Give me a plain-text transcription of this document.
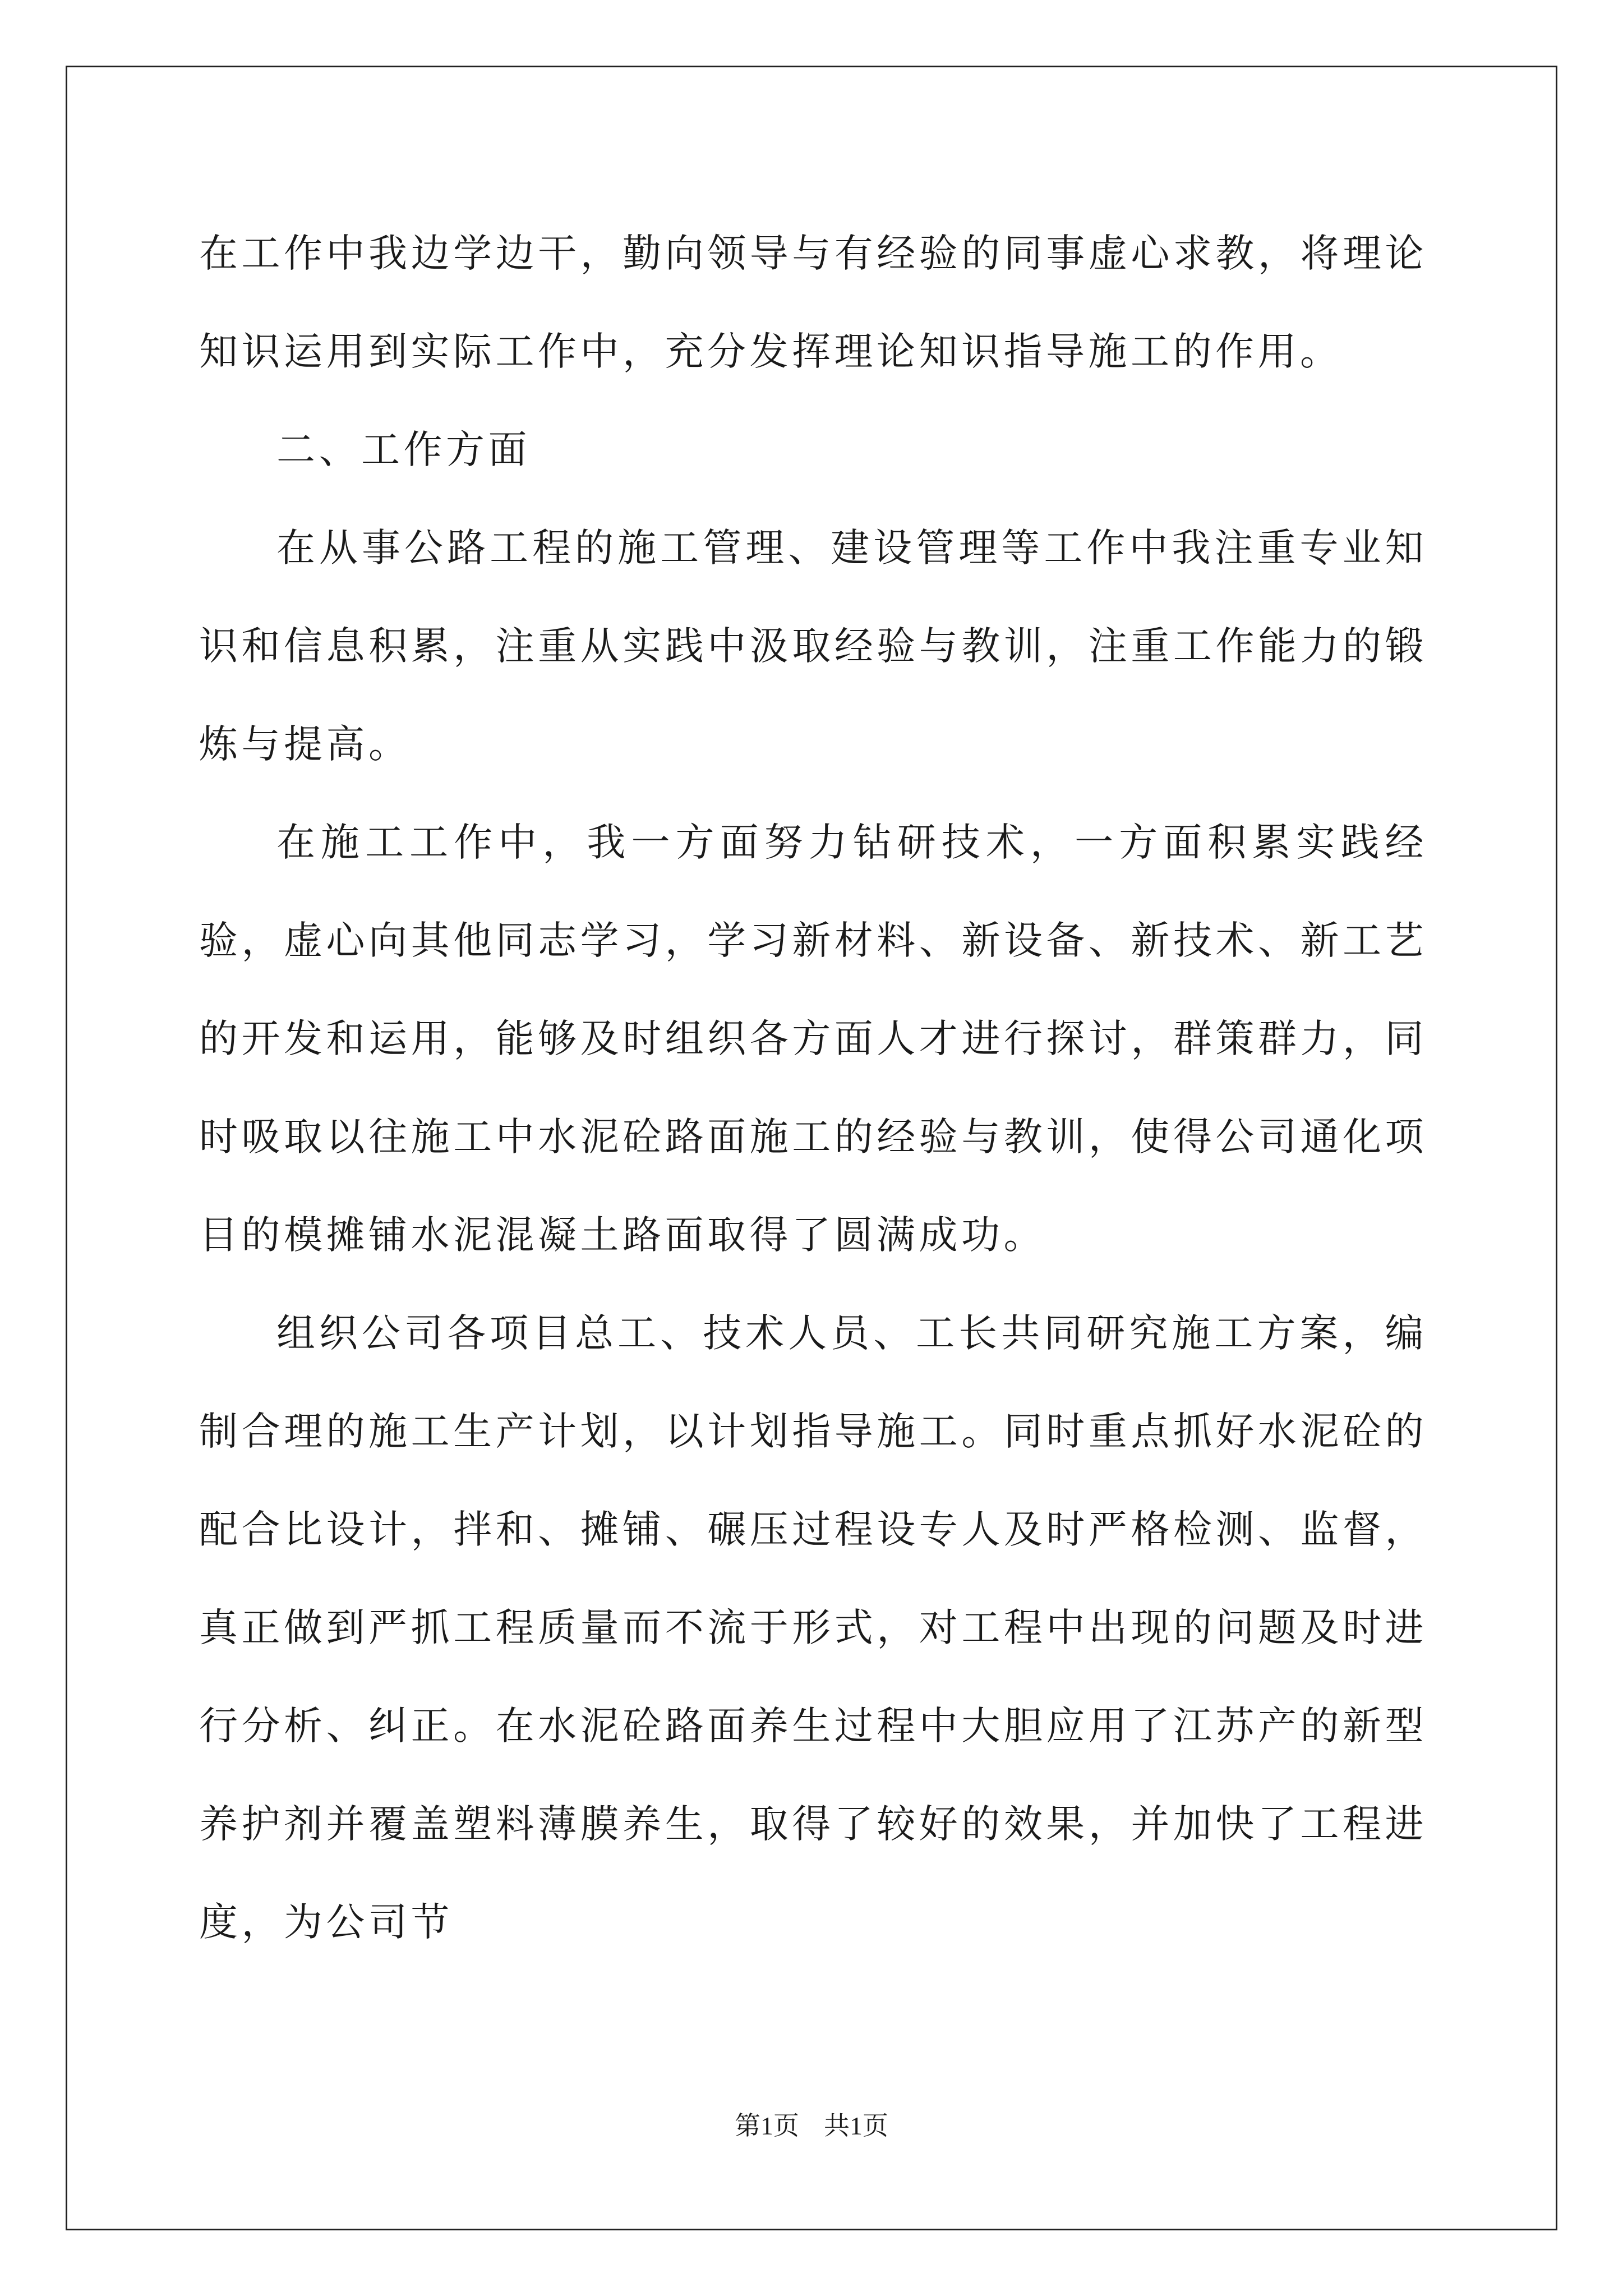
在工作中我边学边干，勤向领导与有经验的同事虚心求教，将理论知识运用到实际工作中，充分发挥理论知识指导施工的作用。

二、工作方面

在从事公路工程的施工管理、建设管理等工作中我注重专业知识和信息积累，注重从实践中汲取经验与教训，注重工作能力的锻炼与提高。

在施工工作中，我一方面努力钻研技术，一方面积累实践经验，虚心向其他同志学习，学习新材料、新设备、新技术、新工艺的开发和运用，能够及时组织各方面人才进行探讨，群策群力，同时吸取以往施工中水泥砼路面施工的经验与教训，使得公司通化项目的模摊铺水泥混凝土路面取得了圆满成功。

组织公司各项目总工、技术人员、工长共同研究施工方案，编制合理的施工生产计划，以计划指导施工。同时重点抓好水泥砼的配合比设计，拌和、摊铺、碾压过程设专人及时严格检测、监督，真正做到严抓工程质量而不流于形式，对工程中出现的问题及时进行分析、纠正。在水泥砼路面养生过程中大胆应用了江苏产的新型养护剂并覆盖塑料薄膜养生，取得了较好的效果，并加快了工程进度，为公司节

第1页 共1页
